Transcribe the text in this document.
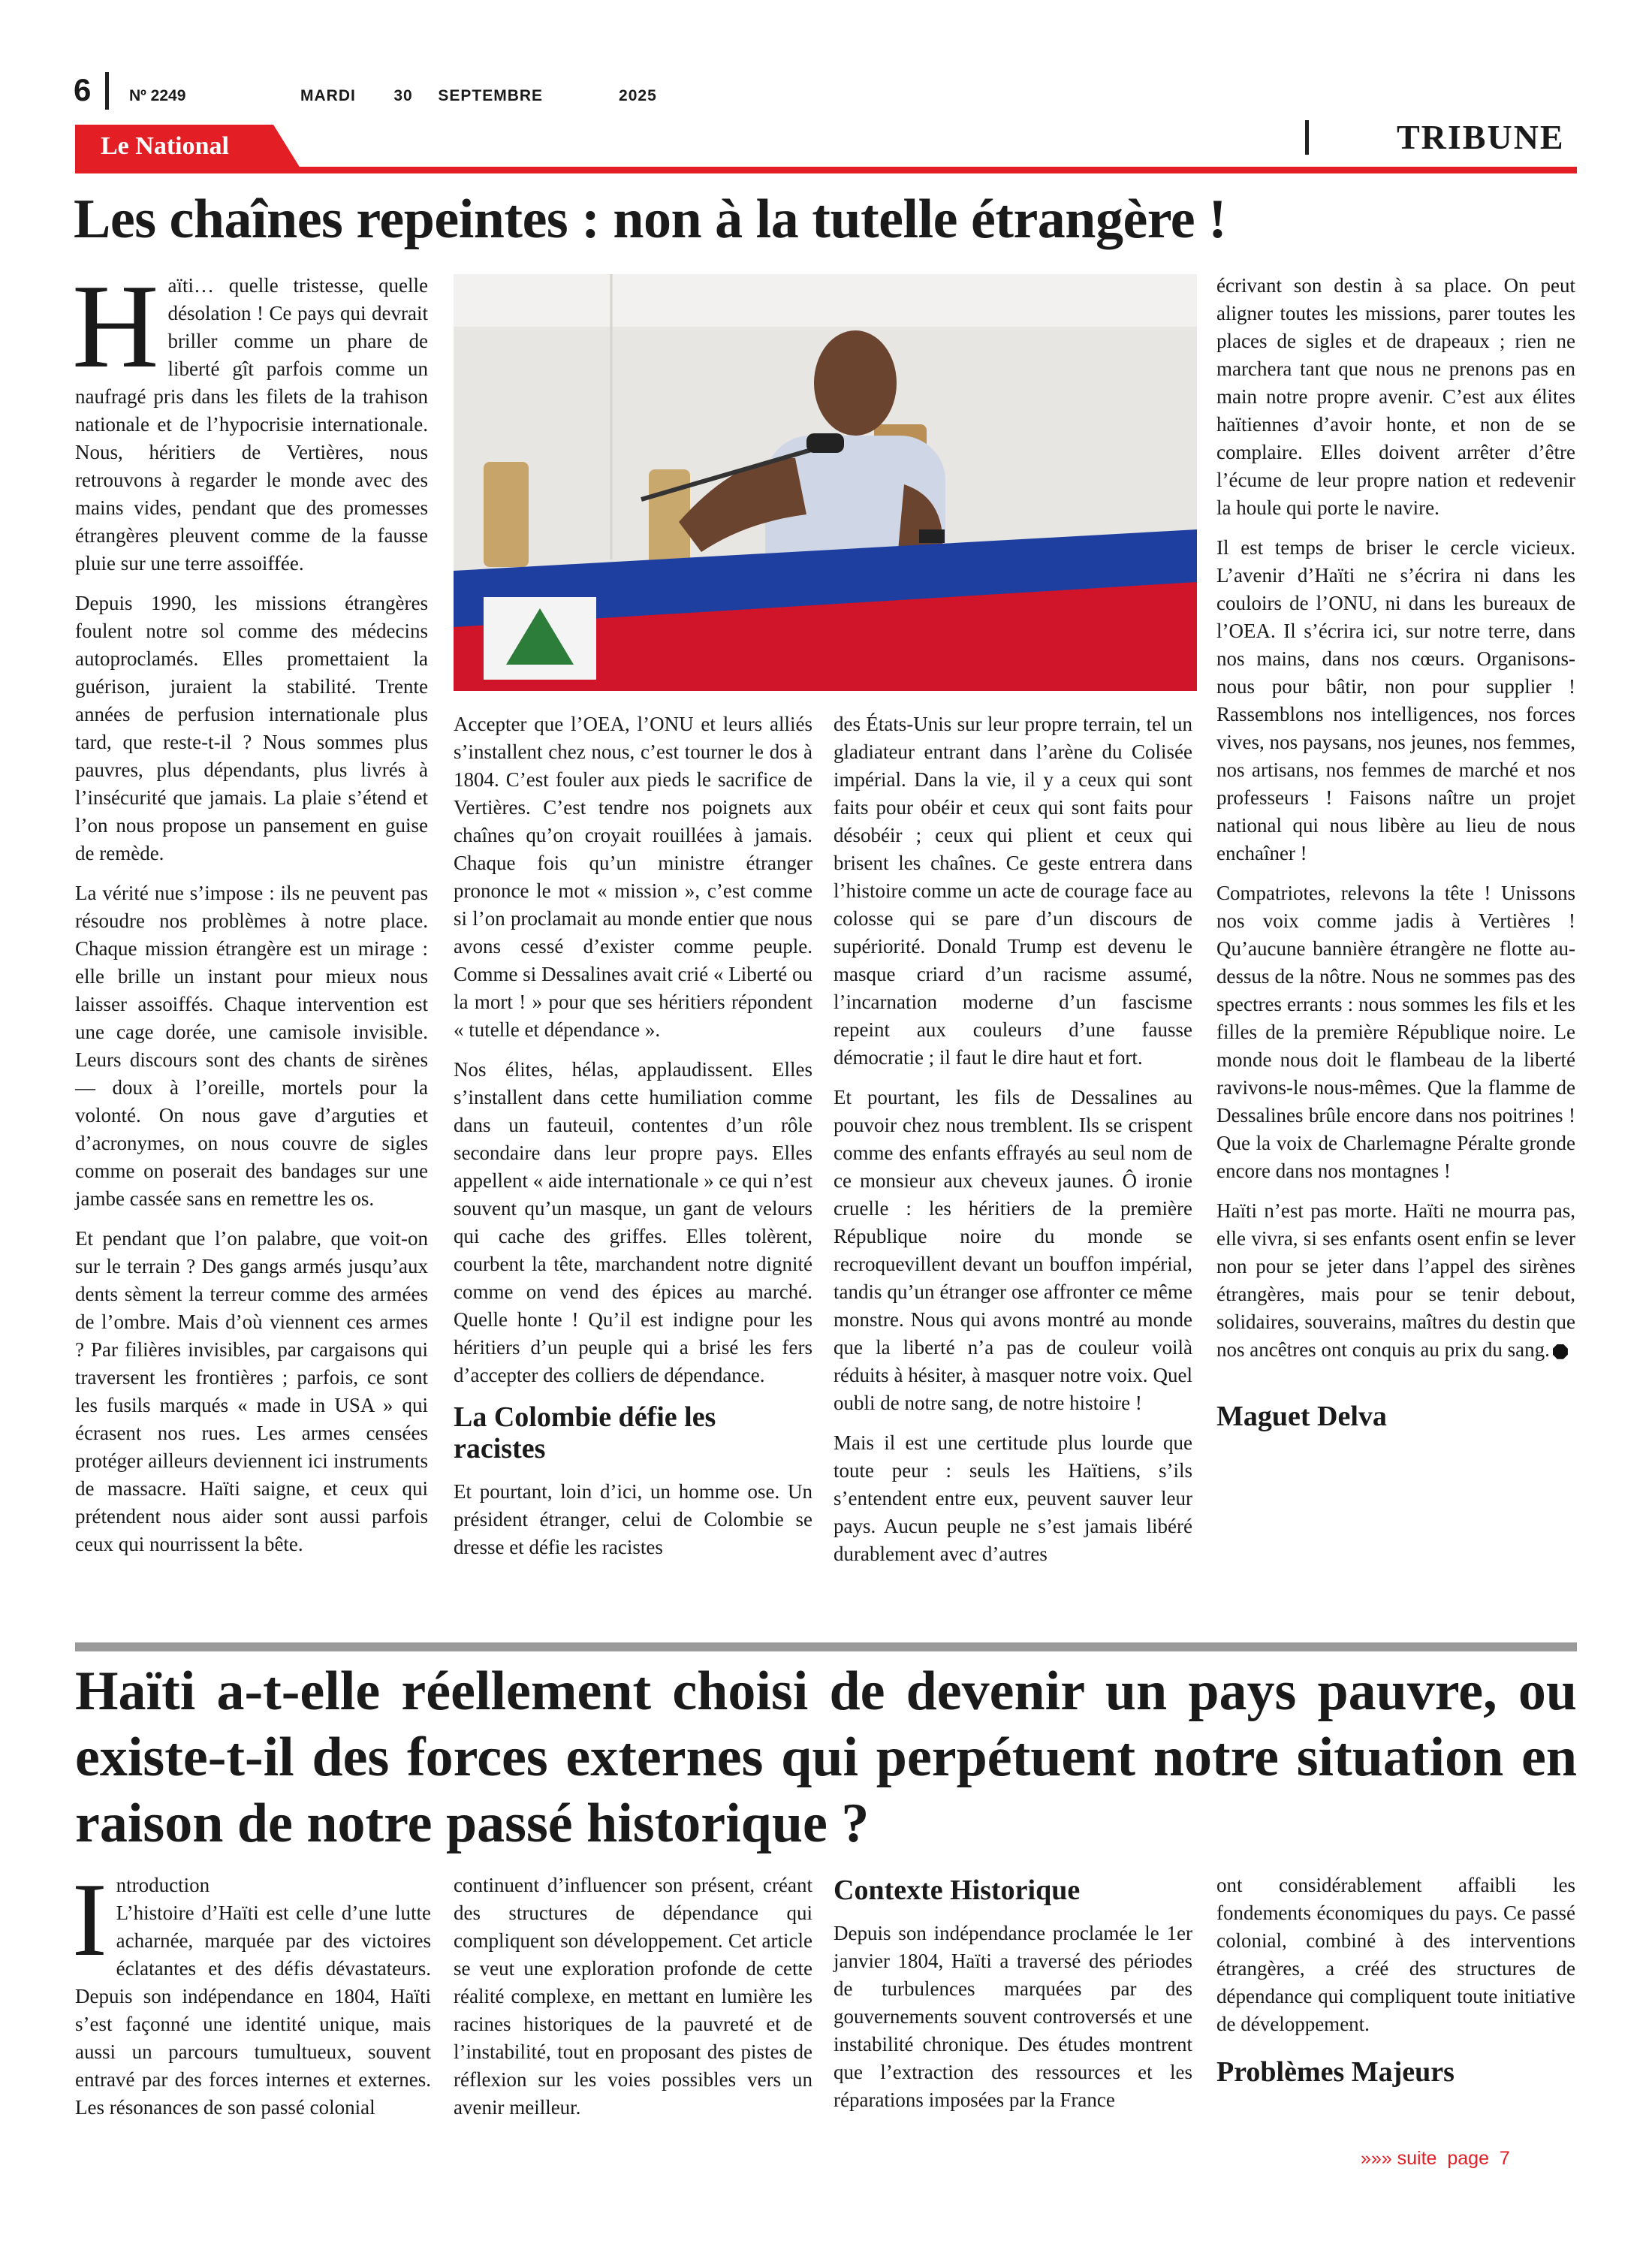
6 Nº 2249	MARDI   30  SEPTEMBRE      2025
Le National	TRIBUNE
Les chaînes repeintes : non à la tutelle étrangère !

Haïti… quelle tristesse, quelle désolation ! Ce pays qui devrait briller comme un phare de liberté gît parfois comme un naufragé pris dans les filets de la trahison nationale et de l’hypocrisie internationale. Nous, héritiers de Vertières, nous retrouvons à regarder le monde avec des mains vides, pendant que des promesses étrangères pleuvent comme de la fausse pluie sur une terre assoiffée.

Depuis 1990, les missions étrangères foulent notre sol comme des médecins autoproclamés. Elles promettaient la guérison, juraient la stabilité. Trente années de perfusion internationale plus tard, que reste-t-il ? Nous sommes plus pauvres, plus dépendants, plus livrés à l’insécurité que jamais. La plaie s’étend et l’on nous propose un pansement en guise de remède.

La vérité nue s’impose : ils ne peuvent pas résoudre nos problèmes à notre place. Chaque mission étrangère est un mirage : elle brille un instant pour mieux nous laisser assoiffés. Chaque intervention est une cage dorée, une camisole invisible. Leurs discours sont des chants de sirènes — doux à l’oreille, mortels pour la volonté. On nous gave d’arguties et d’acronymes, on nous couvre de sigles comme on poserait des bandages sur une jambe cassée sans en remettre les os.

Et pendant que l’on palabre, que voit-on sur le terrain ? Des gangs armés jusqu’aux dents sèment la terreur comme des armées de l’ombre. Mais d’où viennent ces armes ? Par filières invisibles, par cargaisons qui traversent les frontières ; parfois, ce sont les fusils marqués « made in USA » qui écrasent nos rues. Les armes censées protéger ailleurs deviennent ici instruments de massacre. Haïti saigne, et ceux qui prétendent nous aider sont aussi parfois ceux qui nourrissent la bête.

Accepter que l’OEA, l’ONU et leurs alliés s’installent chez nous, c’est tourner le dos à 1804. C’est fouler aux pieds le sacrifice de Vertières. C’est tendre nos poignets aux chaînes qu’on croyait rouillées à jamais. Chaque fois qu’un ministre étranger prononce le mot « mission », c’est comme si l’on proclamait au monde entier que nous avons cessé d’exister comme peuple. Comme si Dessalines avait crié « Liberté ou la mort ! » pour que ses héritiers répondent « tutelle et dépendance ».

Nos élites, hélas, applaudissent. Elles s’installent dans cette humiliation comme dans un fauteuil, contentes d’un rôle secondaire dans leur propre pays. Elles appellent « aide internationale » ce qui n’est souvent qu’un masque, un gant de velours qui cache des griffes. Elles tolèrent, courbent la tête, marchandent notre dignité comme on vend des épices au marché. Quelle honte ! Qu’il est indigne pour les héritiers d’un peuple qui a brisé les fers d’accepter des colliers de dépendance.

La Colombie défie les racistes

Et pourtant, loin d’ici, un homme ose. Un président étranger, celui de Colombie se dresse et défie les racistes

des États-Unis sur leur propre terrain, tel un gladiateur entrant dans l’arène du Colisée impérial. Dans la vie, il y a ceux qui sont faits pour obéir et ceux qui sont faits pour désobéir ; ceux qui plient et ceux qui brisent les chaînes. Ce geste entrera dans l’histoire comme un acte de courage face au colosse qui se pare d’un discours de supériorité. Donald Trump est devenu le masque criard d’un racisme assumé, l’incarnation moderne d’un fascisme repeint aux couleurs d’une fausse démocratie ; il faut le dire haut et fort.

Et pourtant, les fils de Dessalines au pouvoir chez nous tremblent. Ils se crispent comme des enfants effrayés au seul nom de ce monsieur aux cheveux jaunes. Ô ironie cruelle : les héritiers de la première République noire du monde se recroquevillent devant un bouffon impérial, tandis qu’un étranger ose affronter ce même monstre. Nous qui avons montré au monde que la liberté n’a pas de couleur voilà réduits à hésiter, à masquer notre voix. Quel oubli de notre sang, de notre histoire !

Mais il est une certitude plus lourde que toute peur : seuls les Haïtiens, s’ils s’entendent entre eux, peuvent sauver leur pays. Aucun peuple ne s’est jamais libéré durablement avec d’autres

écrivant son destin à sa place. On peut aligner toutes les missions, parer toutes les places de sigles et de drapeaux ; rien ne marchera tant que nous ne prenons pas en main notre propre avenir. C’est aux élites haïtiennes d’avoir honte, et non de se complaire. Elles doivent arrêter d’être l’écume de leur propre nation et redevenir la houle qui porte le navire.

Il est temps de briser le cercle vicieux. L’avenir d’Haïti ne s’écrira ni dans les couloirs de l’ONU, ni dans les bureaux de l’OEA. Il s’écrira ici, sur notre terre, dans nos mains, dans nos cœurs. Organisons-nous pour bâtir, non pour supplier ! Rassemblons nos intelligences, nos forces vives, nos paysans, nos jeunes, nos femmes, nos artisans, nos femmes de marché et nos professeurs ! Faisons naître un projet national qui nous libère au lieu de nous enchaîner !

Compatriotes, relevons la tête ! Unissons nos voix comme jadis à Vertières ! Qu’aucune bannière étrangère ne flotte au-dessus de la nôtre. Nous ne sommes pas des spectres errants : nous sommes les fils et les filles de la première République noire. Le monde nous doit le flambeau de la liberté ravivons-le nous-mêmes. Que la flamme de Dessalines brûle encore dans nos poitrines ! Que la voix de Charlemagne Péralte gronde encore dans nos montagnes !

Haïti n’est pas morte. Haïti ne mourra pas, elle vivra, si ses enfants osent enfin se lever non pour se jeter dans l’appel des sirènes étrangères, mais pour se tenir debout, solidaires, souverains, maîtres du destin que nos ancêtres ont conquis au prix du sang.

Maguet Delva
Haïti a-t-elle réellement choisi de devenir un pays pauvre, ou existe-t-il des forces externes qui perpétuent notre situation en raison de notre passé historique ?

Introduction
L’histoire d’Haïti est celle d’une lutte acharnée, marquée par des victoires éclatantes et des défis dévastateurs. Depuis son indépendance en 1804, Haïti s’est façonné une identité unique, mais aussi un parcours tumultueux, souvent entravé par des forces internes et externes. Les résonances de son passé colonial

continuent d’influencer son présent, créant des structures de dépendance qui compliquent son développement. Cet article se veut une exploration profonde de cette réalité complexe, en mettant en lumière les racines historiques de la pauvreté et de l’instabilité, tout en proposant des pistes de réflexion sur les voies possibles vers un avenir meilleur.

Contexte Historique

Depuis son indépendance proclamée le 1er janvier 1804, Haïti a traversé des périodes de turbulences marquées par des gouvernements souvent controversés et une instabilité chronique. Des études montrent que l’extraction des ressources et les réparations imposées par la France

ont considérablement affaibli les fondements économiques du pays. Ce passé colonial, combiné à des interventions étrangères, a créé des structures de dépendance qui compliquent toute initiative de développement.

Problèmes Majeurs
»»» suite  page  7
